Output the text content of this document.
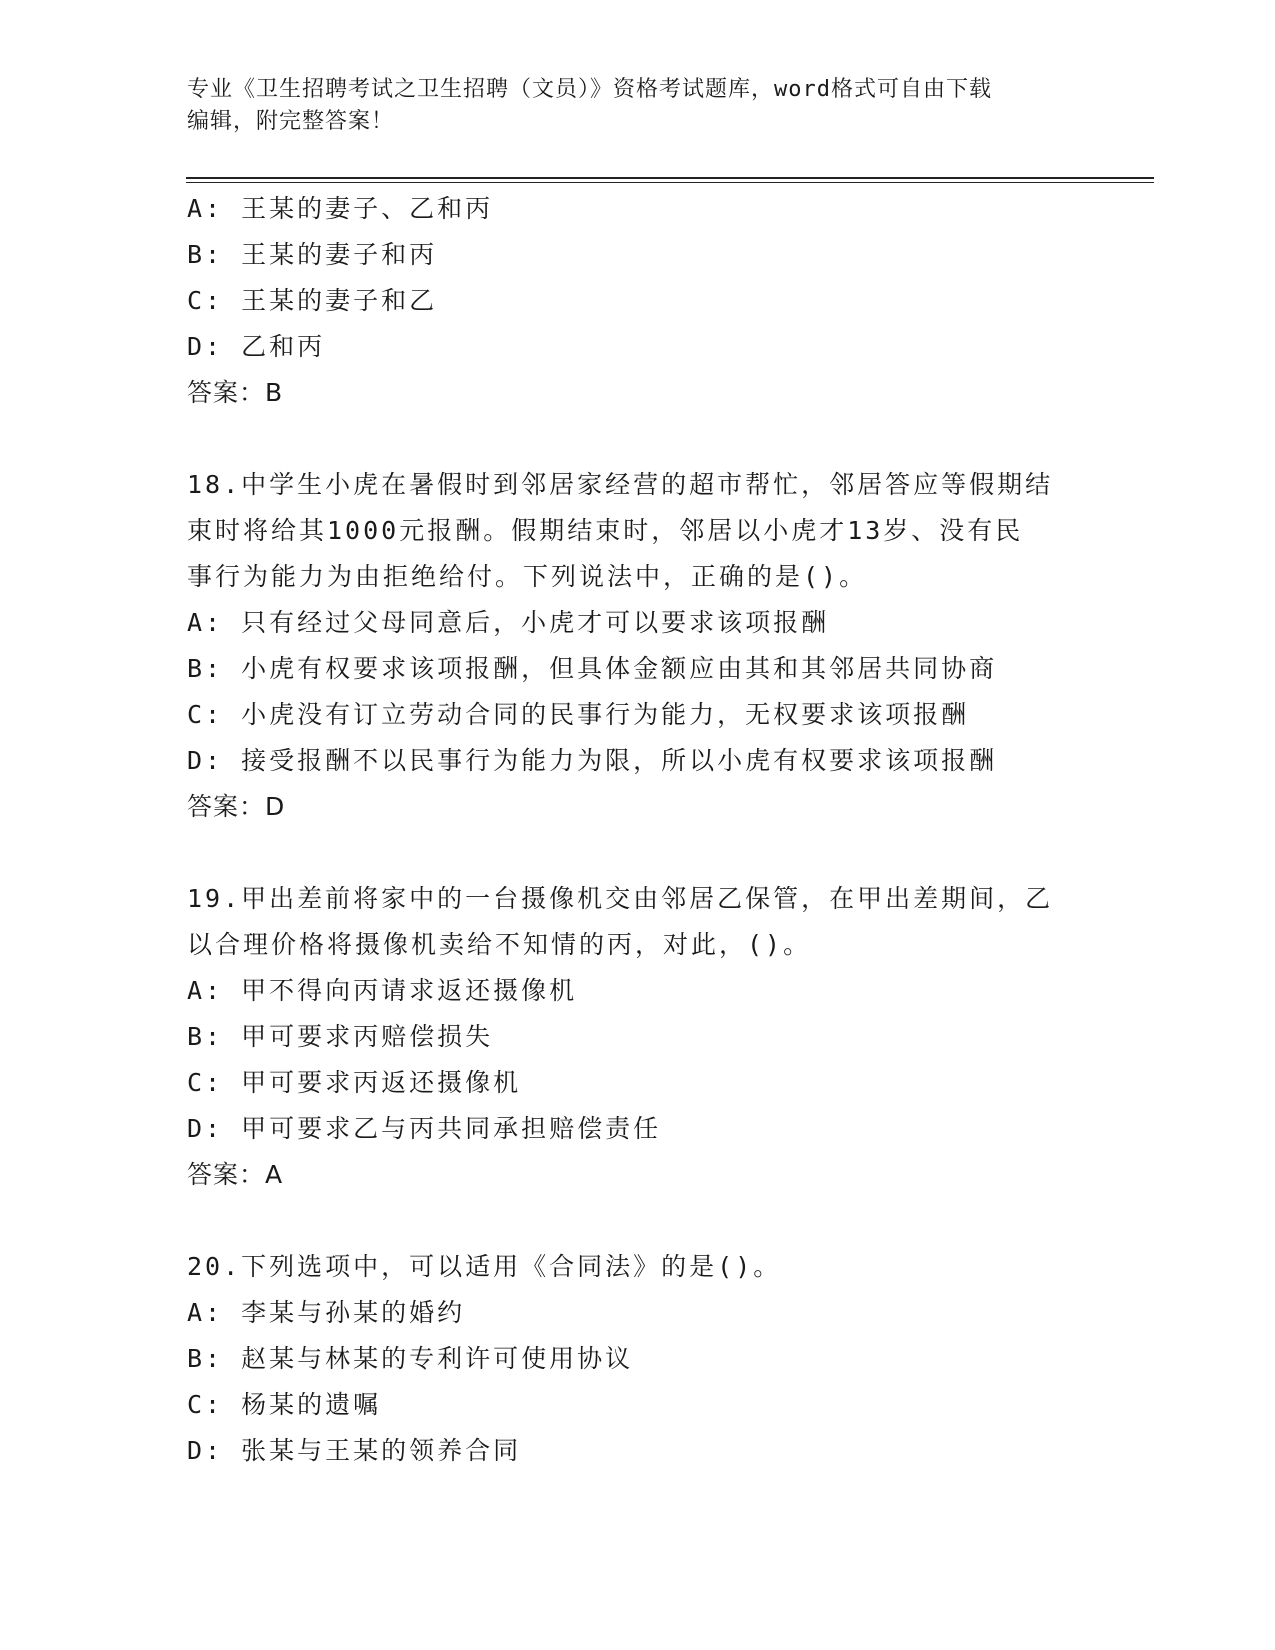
专业《卫生招聘考试之卫生招聘（文员）》资格考试题库，word格式可自由下载
编辑，附完整答案！
A: 王某的妻子、乙和丙
B: 王某的妻子和丙
C: 王某的妻子和乙
D: 乙和丙
答案：B
18.中学生小虎在暑假时到邻居家经营的超市帮忙，邻居答应等假期结
束时将给其1000元报酬。假期结束时，邻居以小虎才13岁、没有民
事行为能力为由拒绝给付。下列说法中，正确的是()。
A: 只有经过父母同意后，小虎才可以要求该项报酬
B: 小虎有权要求该项报酬，但具体金额应由其和其邻居共同协商
C: 小虎没有订立劳动合同的民事行为能力，无权要求该项报酬
D: 接受报酬不以民事行为能力为限，所以小虎有权要求该项报酬
答案：D
19.甲出差前将家中的一台摄像机交由邻居乙保管，在甲出差期间，乙
以合理价格将摄像机卖给不知情的丙，对此，()。
A: 甲不得向丙请求返还摄像机
B: 甲可要求丙赔偿损失
C: 甲可要求丙返还摄像机
D: 甲可要求乙与丙共同承担赔偿责任
答案：A
20.下列选项中，可以适用《合同法》的是()。
A: 李某与孙某的婚约
B: 赵某与林某的专利许可使用协议
C: 杨某的遗嘱
D: 张某与王某的领养合同
